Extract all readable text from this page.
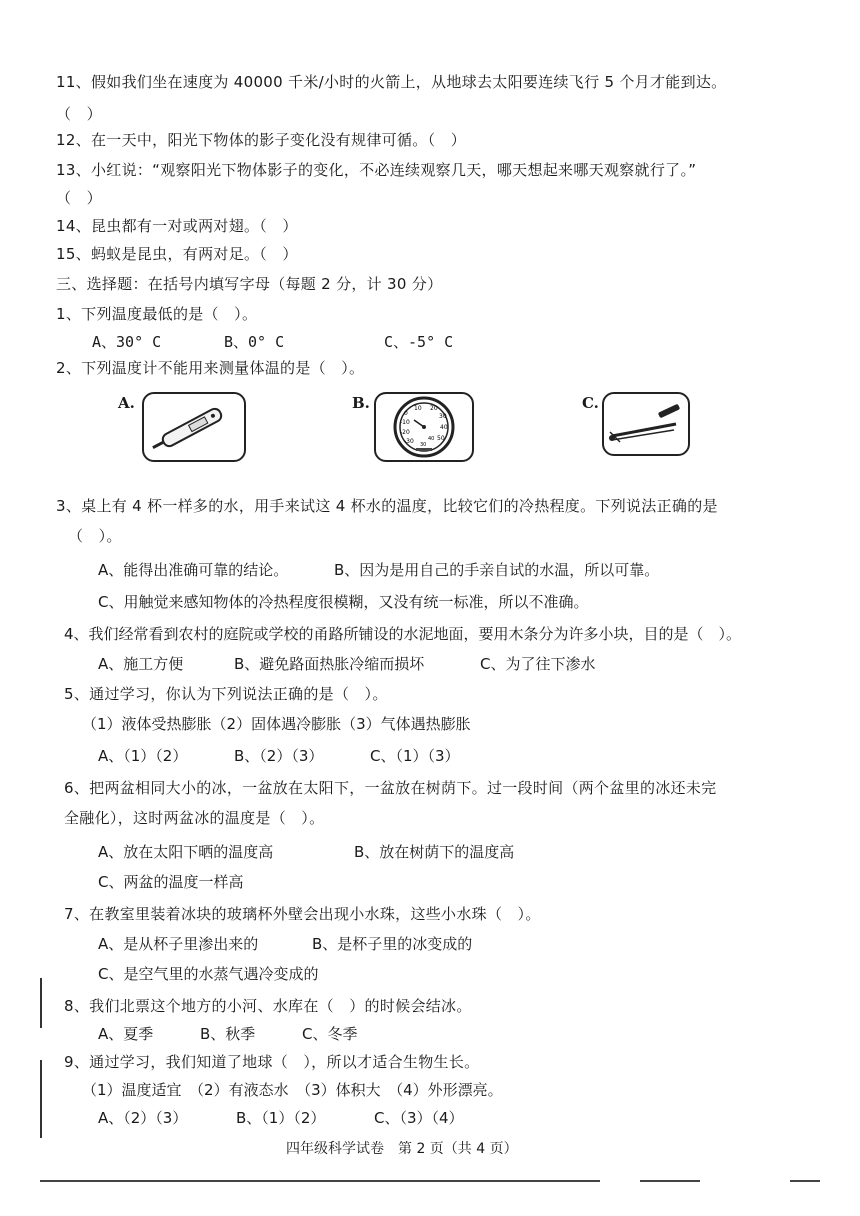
11、假如我们坐在速度为 40000 千米/小时的火箭上，从地球去太阳要连续飞行 5 个月才能到达。
（　）
12、在一天中，阳光下物体的影子变化没有规律可循。（　）
13、小红说：“观察阳光下物体影子的变化，不必连续观察几天，哪天想起来哪天观察就行了。”
（　）
14、昆虫都有一对或两对翅。（　）
15、蚂蚁是昆虫，有两对足。（　）
三、选择题：在括号内填写字母（每题 2 分，计 30 分）
1、下列温度最低的是（　）。
A、30° C	B、0° C	C、-5° C
2、下列温度计不能用来测量体温的是（　）。
A.	B.	10 20
30
40
50
0
-10
-20
-30	40
30
C.
3、桌上有 4 杯一样多的水，用手来试这 4 杯水的温度，比较它们的冷热程度。下列说法正确的是
（　）。
A、能得出准确可靠的结论。	B、因为是用自己的手亲自试的水温，所以可靠。
C、用触觉来感知物体的冷热程度很模糊，又没有统一标准，所以不准确。
4、我们经常看到农村的庭院或学校的甬路所铺设的水泥地面，要用木条分为许多小块，目的是（　）。
A、施工方便	B、避免路面热胀冷缩而损坏	C、为了往下渗水
5、通过学习，你认为下列说法正确的是（　）。
（1）液体受热膨胀（2）固体遇冷膨胀（3）气体遇热膨胀
A、（1）（2）	B、（2）（3）	C、（1）（3）
6、把两盆相同大小的冰，一盆放在太阳下，一盆放在树荫下。过一段时间（两个盆里的冰还未完
全融化），这时两盆冰的温度是（　）。
A、放在太阳下晒的温度高	B、放在树荫下的温度高
C、两盆的温度一样高
7、在教室里装着冰块的玻璃杯外壁会出现小水珠，这些小水珠（　）。
A、是从杯子里渗出来的	B、是杯子里的冰变成的
C、是空气里的水蒸气遇冷变成的
8、我们北票这个地方的小河、水库在（　）的时候会结冰。
A、夏季	B、秋季	C、冬季
9、通过学习，我们知道了地球（　），所以才适合生物生长。
（1）温度适宜　（2）有液态水　（3）体积大　（4）外形漂亮。
A、（2）（3）	B、（1）（2）	C、（3）（4）
四年级科学试卷　第 2 页（共 4 页）
